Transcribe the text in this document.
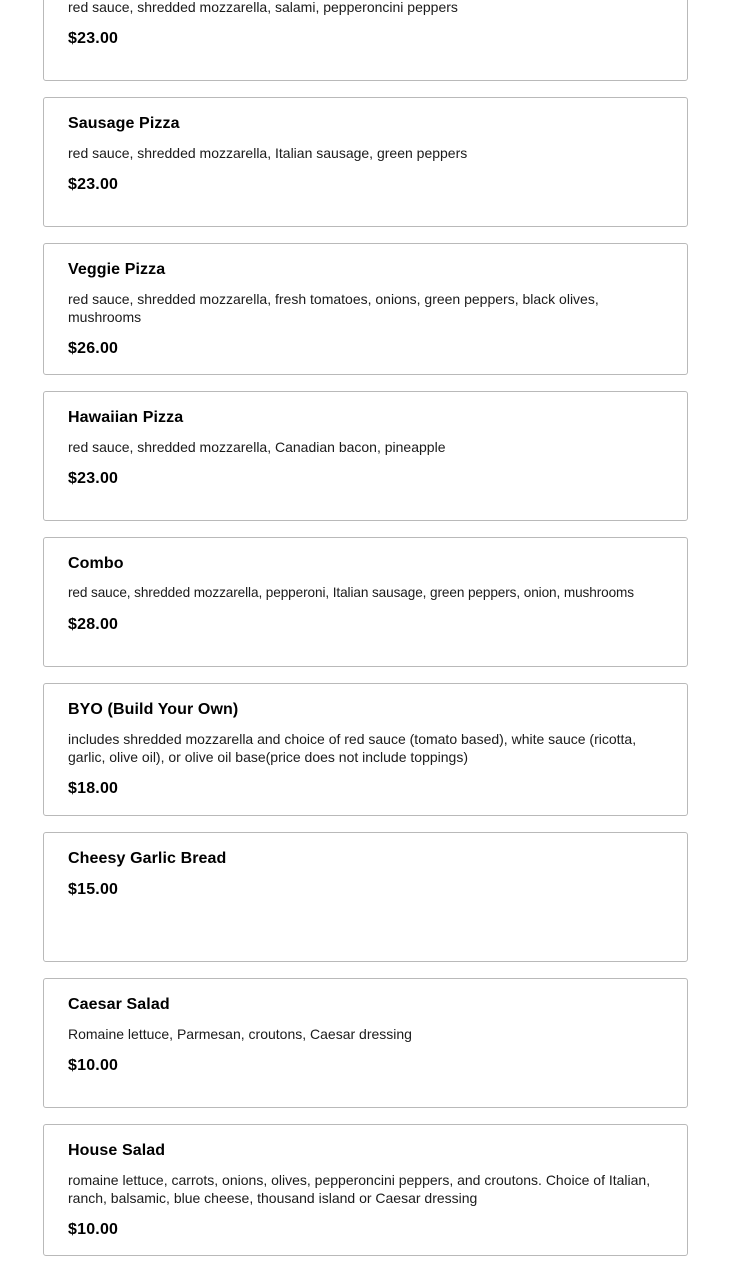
red sauce, shredded mozzarella, salami, pepperoncini peppers

$23.00

Sausage Pizza

red sauce, shredded mozzarella, Italian sausage, green peppers

$23.00

Veggie Pizza

red sauce, shredded mozzarella, fresh tomatoes, onions, green peppers, black olives, mushrooms

$26.00

Hawaiian Pizza

red sauce, shredded mozzarella, Canadian bacon, pineapple

$23.00

Combo

red sauce, shredded mozzarella, pepperoni, Italian sausage, green peppers, onion, mushrooms

$28.00

BYO (Build Your Own)

includes shredded mozzarella and choice of red sauce (tomato based), white sauce (ricotta, garlic, olive oil), or olive oil base(price does not include toppings)

$18.00

Cheesy Garlic Bread

$15.00

Caesar Salad

Romaine lettuce, Parmesan, croutons, Caesar dressing

$10.00

House Salad

romaine lettuce, carrots, onions, olives, pepperoncini peppers, and croutons. Choice of Italian, ranch, balsamic, blue cheese, thousand island or Caesar dressing

$10.00
